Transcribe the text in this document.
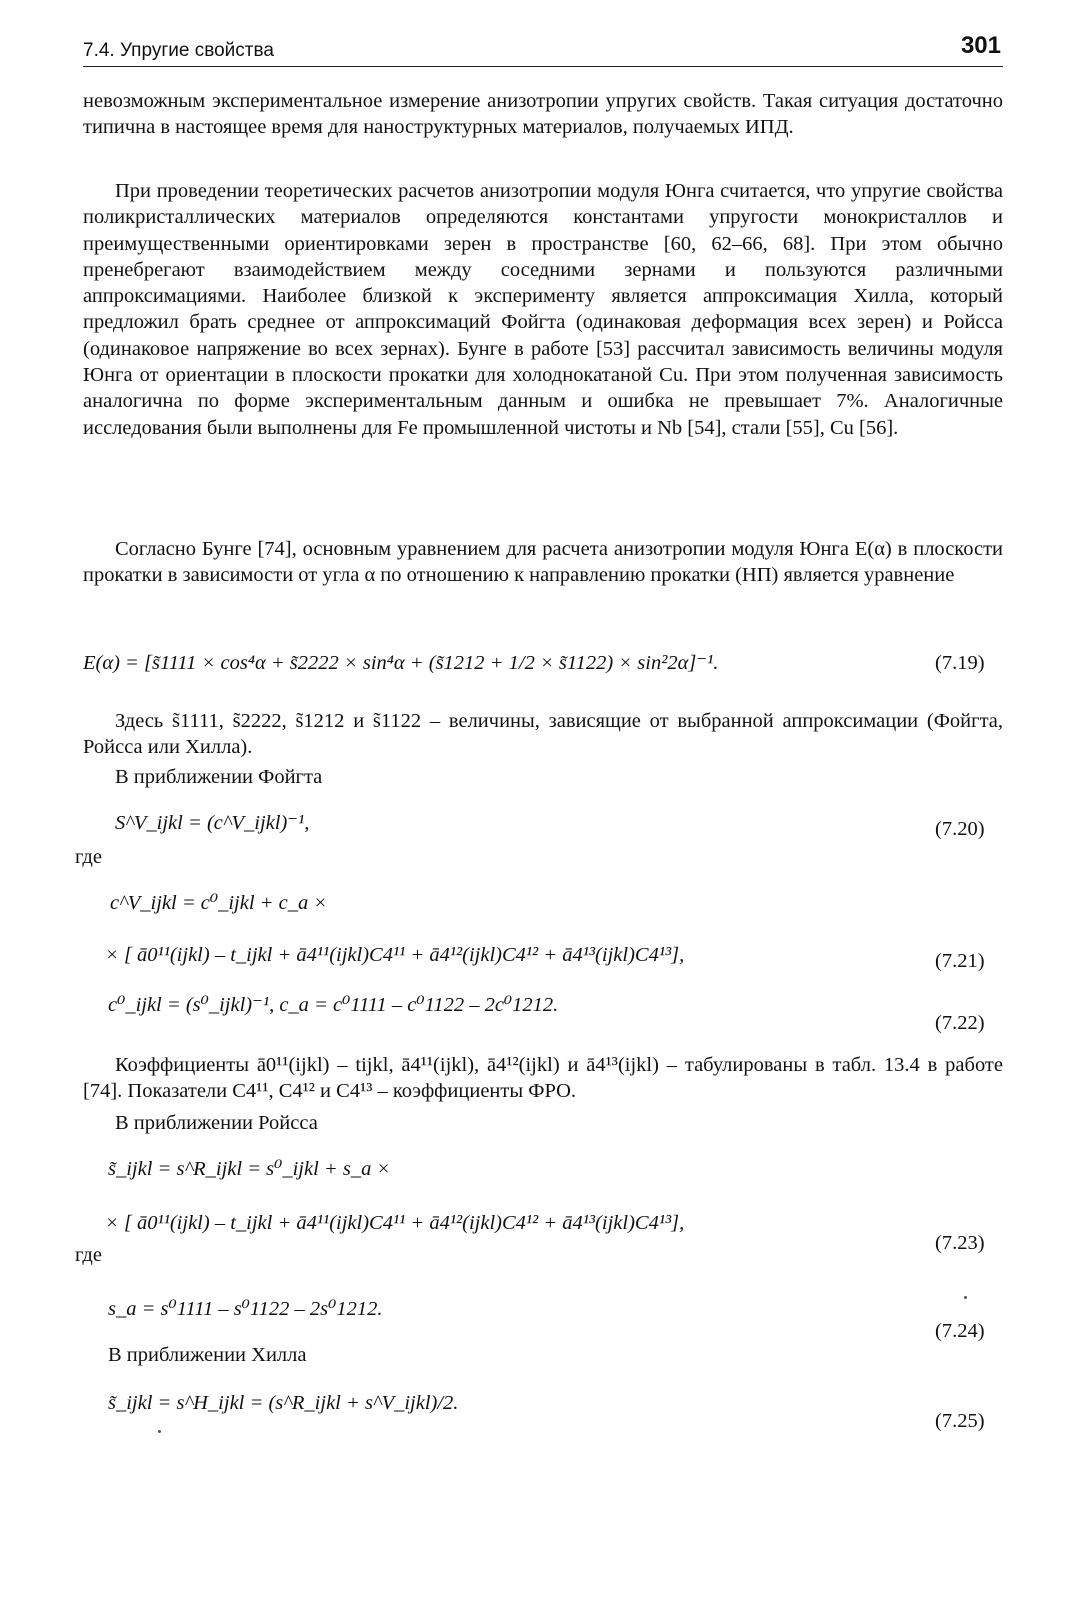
7.4. Упругие свойства	301

невозможным экспериментальное измерение анизотропии упругих свойств. Такая ситуация достаточно типична в настоящее время для наноструктурных материалов, получаемых ИПД.

При проведении теоретических расчетов анизотропии модуля Юнга считается, что упругие свойства поликристаллических материалов определяются константами упругости монокристаллов и преимущественными ориентировками зерен в пространстве [60, 62–66, 68]. При этом обычно пренебрегают взаимодействием между соседними зернами и пользуются различными аппроксимациями. Наиболее близкой к эксперименту является аппроксимация Хилла, который предложил брать среднее от аппроксимаций Фойгта (одинаковая деформация всех зерен) и Ройсса (одинаковое напряжение во всех зернах). Бунге в работе [53] рассчитал зависимость величины модуля Юнга от ориентации в плоскости прокатки для холоднокатаной Cu. При этом полученная зависимость аналогична по форме экспериментальным данным и ошибка не превышает 7%. Аналогичные исследования были выполнены для Fe промышленной чистоты и Nb [54], стали [55], Cu [56].

Согласно Бунге [74], основным уравнением для расчета анизотропии модуля Юнга E(α) в плоскости прокатки в зависимости от угла α по отношению к направлению прокатки (НП) является уравнение

E(α) = [s̃1111 × cos⁴α + s̃2222 × sin⁴α + (s̃1212 + 1/2 × s̃1122) × sin²2α]⁻¹.	(7.19)

Здесь s̃1111, s̃2222, s̃1212 и s̃1122 – величины, зависящие от выбранной аппроксимации (Фойгта, Ройсса или Хилла).

В приближении Фойгта
S^V_ijkl = (c^V_ijkl)⁻¹,	(7.20)
где
c^V_ijkl = c⁰_ijkl + c_a ×
× [ ā0¹¹(ijkl) – t_ijkl + ā4¹¹(ijkl)C4¹¹ + ā4¹²(ijkl)C4¹² + ā4¹³(ijkl)C4¹³],	(7.21)
c⁰_ijkl = (s⁰_ijkl)⁻¹, c_a = c⁰1111 – c⁰1122 – 2c⁰1212.
(7.22)

Коэффициенты ā0¹¹(ijkl) – tijkl, ā4¹¹(ijkl), ā4¹²(ijkl) и ā4¹³(ijkl) – табулированы в табл. 13.4 в работе [74]. Показатели C4¹¹, C4¹² и C4¹³ – коэффициенты ФРО.

В приближении Ройсса
s̃_ijkl = s^R_ijkl = s⁰_ijkl + s_a ×
× [ ā0¹¹(ijkl) – t_ijkl + ā4¹¹(ijkl)C4¹¹ + ā4¹²(ijkl)C4¹² + ā4¹³(ijkl)C4¹³],
(7.23)
где
s_a = s⁰1111 – s⁰1122 – 2s⁰1212.
(7.24)
В приближении Хилла
s̃_ijkl = s^H_ijkl = (s^R_ijkl + s^V_ijkl)/2.
(7.25)
